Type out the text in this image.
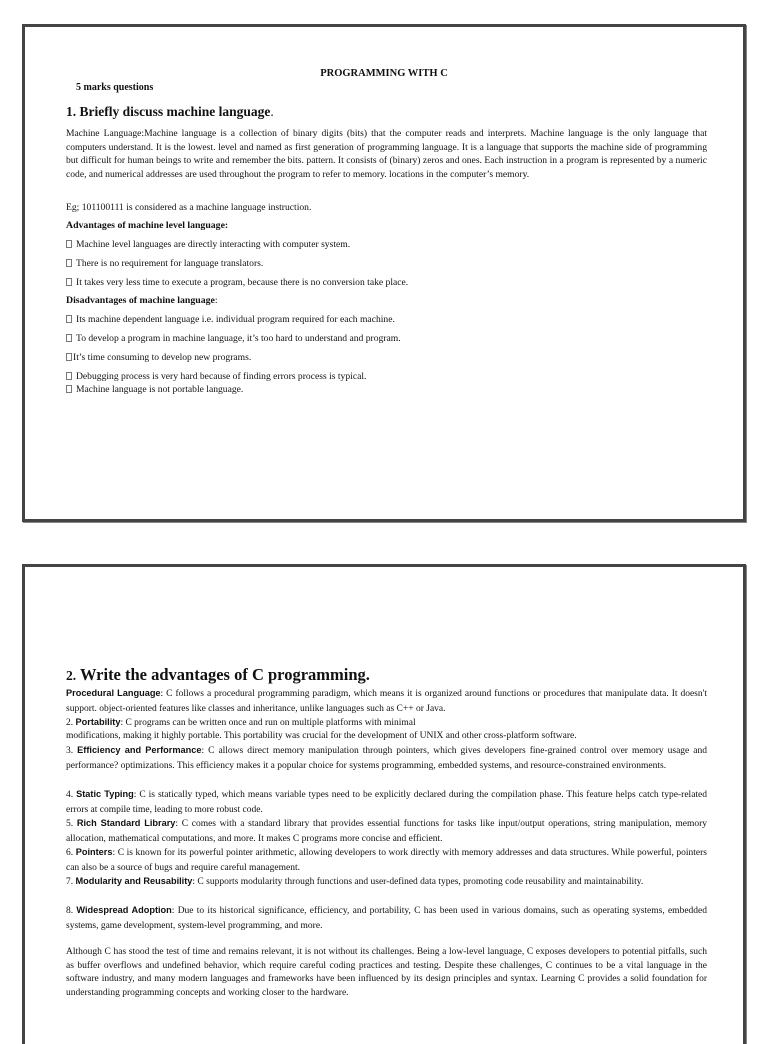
PROGRAMMING WITH C
5 marks questions
1. Briefly discuss machine language.
Machine Language:Machine language is a collection of binary digits (bits) that the computer reads and interprets. Machine language is the only language that computers understand. It is the lowest. level and named as first generation of programming language. It is a language that supports the machine side of programming but difficult for human beings to write and remember the bits. pattern. It consists of (binary) zeros and ones. Each instruction in a program is represented by a numeric code, and numerical addresses are used throughout the program to refer to memory. locations in the computer’s memory.
Eg; 101100111 is considered as a machine language instruction.
Advantages of machine level language:
Machine level languages are directly interacting with computer system.
There is no requirement for language translators.
It takes very less time to execute a program, because there is no conversion take place.
Disadvantages of machine language:
Its machine dependent language i.e. individual program required for each machine.
To develop a program in machine language, it’s too hard to understand and program.
It’s time consuming to develop new programs.
Debugging process is very hard because of finding errors process is typical.
Machine language is not portable language.
2. Write the advantages of C programming.
Procedural Language: C follows a procedural programming paradigm, which means it is organized around functions or procedures that manipulate data. It doesn't support. object-oriented features like classes and inheritance, unlike languages such as C++ or Java.
2. Portability: C programs can be written once and run on multiple platforms with minimal
modifications, making it highly portable. This portability was crucial for the development of UNIX and other cross-platform software.
3. Efficiency and Performance: C allows direct memory manipulation through pointers, which gives developers fine-grained control over memory usage and performance? optimizations. This efficiency makes it a popular choice for systems programming, embedded systems, and resource-constrained environments.
4. Static Typing: C is statically typed, which means variable types need to be explicitly declared during the compilation phase. This feature helps catch type-related errors at compile time, leading to more robust code.
5. Rich Standard Library: C comes with a standard library that provides essential functions for tasks like input/output operations, string manipulation, memory allocation, mathematical computations, and more. It makes C programs more concise and efficient.
6. Pointers: C is known for its powerful pointer arithmetic, allowing developers to work directly with memory addresses and data structures. While powerful, pointers can also be a source of bugs and require careful management.
7. Modularity and Reusability: C supports modularity through functions and user-defined data types, promoting code reusability and maintainability.
8. Widespread Adoption: Due to its historical significance, efficiency, and portability, C has been used in various domains, such as operating systems, embedded systems, game development, system-level programming, and more.
Although C has stood the test of time and remains relevant, it is not without its challenges. Being a low-level language, C exposes developers to potential pitfalls, such as buffer overflows and undefined behavior, which require careful coding practices and testing. Despite these challenges, C continues to be a vital language in the software industry, and many modern languages and frameworks have been influenced by its design principles and syntax. Learning C provides a solid foundation for understanding programming concepts and working closer to the hardware.
